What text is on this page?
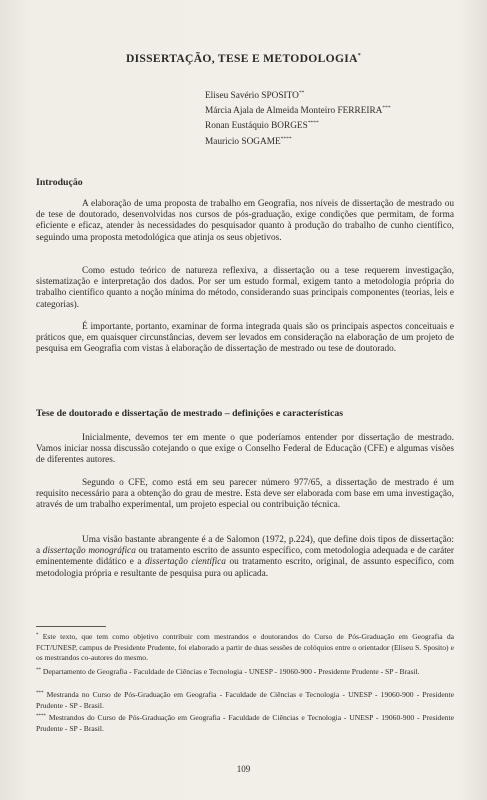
DISSERTAÇÃO, TESE E METODOLOGIA*
Eliseu Savério SPOSITO**
Márcia Ajala de Almeida Monteiro FERREIRA***
Ronan Eustáquio BORGES****
Mauricio SOGAME****
Introdução

A elaboração de uma proposta de trabalho em Geografia, nos níveis de dissertação de mestrado ou de tese de doutorado, desenvolvidas nos cursos de pós-graduação, exige condições que permitam, de forma eficiente e eficaz, atender às necessidades do pesquisador quanto à produção do trabalho de cunho científico, seguindo uma proposta metodológica que atinja os seus objetivos.

Como estudo teórico de natureza reflexiva, a dissertação ou a tese requerem investigação, sistematização e interpretação dos dados. Por ser um estudo formal, exigem tanto a metodologia própria do trabalho científico quanto a noção mínima do método, considerando suas principais componentes (teorias, leis e categorias).

É importante, portanto, examinar de forma integrada quais são os principais aspectos conceituais e práticos que, em quaisquer circunstâncias, devem ser levados em consideração na elaboração de um projeto de pesquisa em Geografia com vistas à elaboração de dissertação de mestrado ou tese de doutorado.

Tese de doutorado e dissertação de mestrado – definições e características

Inicialmente, devemos ter em mente o que poderíamos entender por dissertação de mestrado. Vamos iniciar nossa discussão cotejando o que exige o Conselho Federal de Educação (CFE) e algumas visões de diferentes autores.

Segundo o CFE, como está em seu parecer número 977/65, a dissertação de mestrado é um requisito necessário para a obtenção do grau de mestre. Esta deve ser elaborada com base em uma investigação, através de um trabalho experimental, um projeto especial ou contribuição técnica.

Uma visão bastante abrangente é a de Salomon (1972, p.224), que define dois tipos de dissertação: a dissertação monográfica ou tratamento escrito de assunto específico, com metodologia adequada e de caráter eminentemente didático e a dissertação científica ou tratamento escrito, original, de assunto específico, com metodologia própria e resultante de pesquisa pura ou aplicada.

* Este texto, que tem como objetivo contribuir com mestrandos e doutorandos do Curso de Pós-Graduação em Geografia da FCT/UNESP, campus de Presidente Prudente, foi elaborado a partir de duas sessões de colóquios entre o orientador (Eliseu S. Sposito) e os mestrandos co-autores do mesmo.

** Departamento de Geografia - Faculdade de Ciências e Tecnologia - UNESP - 19060-900 - Presidente Prudente - SP - Brasil.

*** Mestranda no Curso de Pós-Graduação em Geografia - Faculdade de Ciências e Tecnologia - UNESP - 19060-900 - Presidente Prudente - SP - Brasil.

**** Mestrandos do Curso de Pós-Graduação em Geografia - Faculdade de Ciências e Tecnologia - UNESP - 19060-900 - Presidente Prudente - SP - Brasil.

109
